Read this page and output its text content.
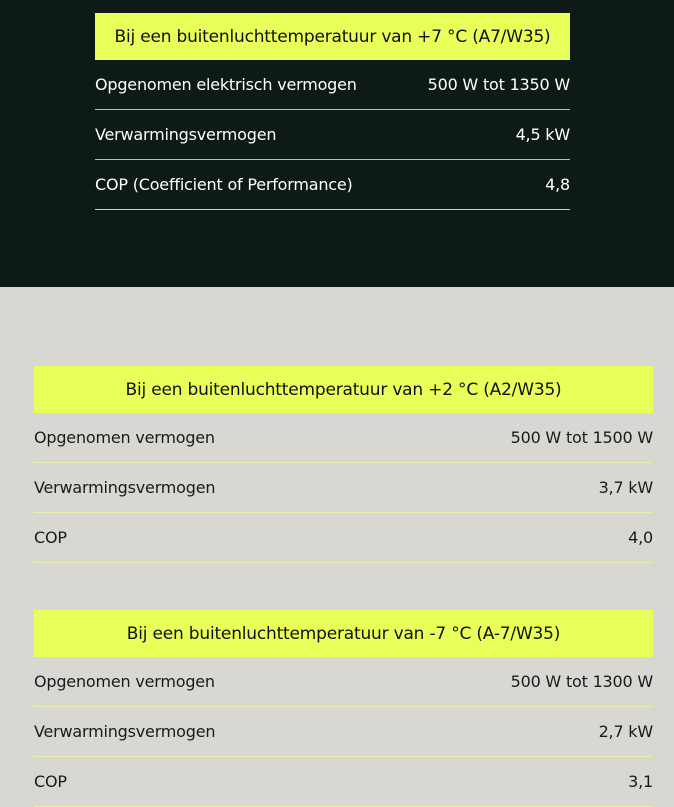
Bij een buitenluchttemperatuur van +7 °C (A7/W35)
Opgenomen elektrisch vermogen	500 W tot 1350 W
Verwarmingsvermogen	4,5 kW
COP (Coefficient of Performance)	4,8
Bij een buitenluchttemperatuur van +2 °C (A2/W35)
Opgenomen vermogen	500 W tot 1500 W
Verwarmingsvermogen	3,7 kW
COP	4,0
Bij een buitenluchttemperatuur van -7 °C (A-7/W35)
Opgenomen vermogen	500 W tot 1300 W
Verwarmingsvermogen	2,7 kW
COP	3,1
